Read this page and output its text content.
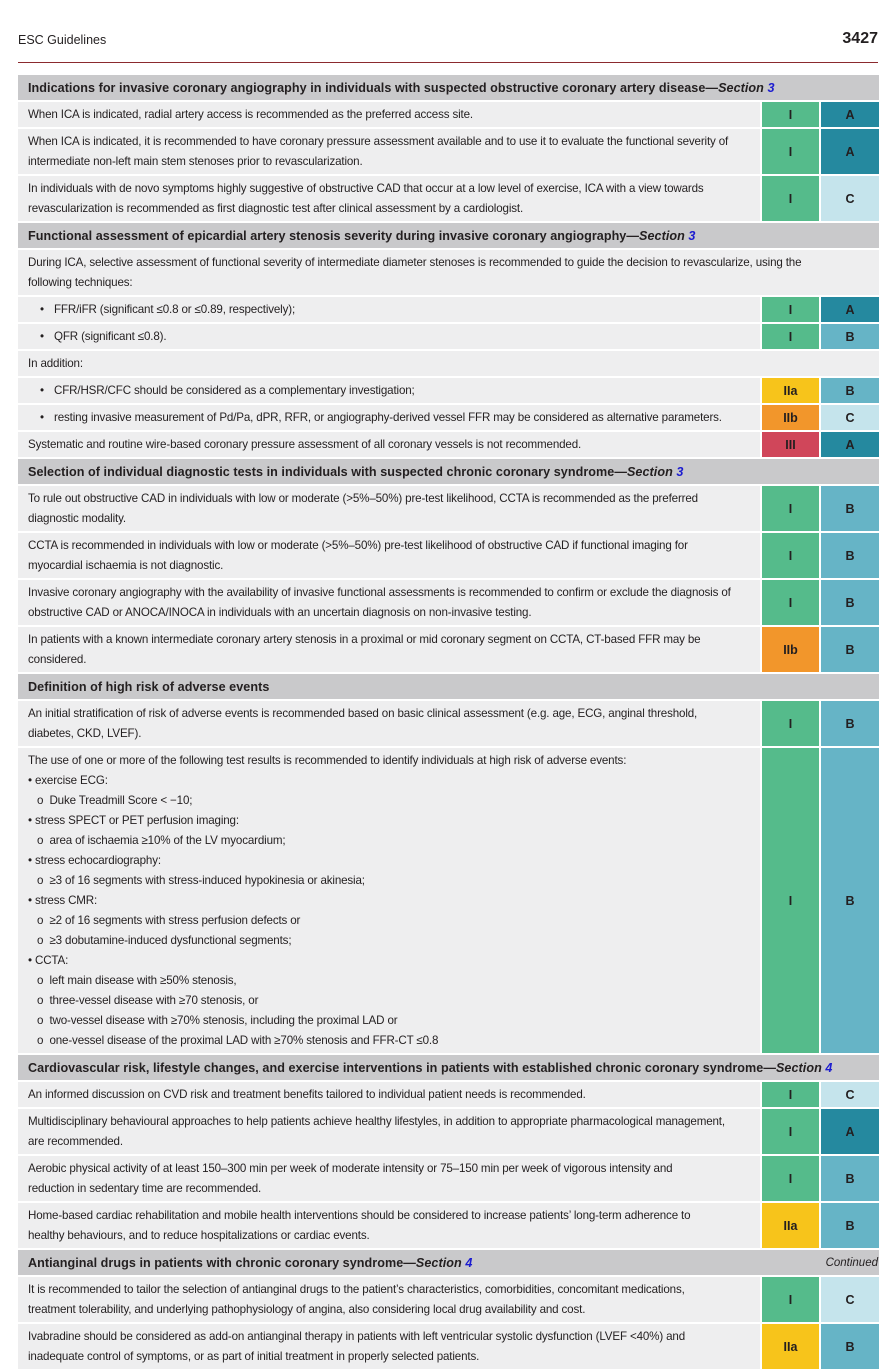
ESC Guidelines	3427
Indications for invasive coronary angiography in individuals with suspected obstructive coronary artery disease—Section 3
When ICA is indicated, radial artery access is recommended as the preferred access site.	I	A
When ICA is indicated, it is recommended to have coronary pressure assessment available and to use it to evaluate the functional severity of
intermediate non-left main stem stenoses prior to revascularization.
I	A
In individuals with de novo symptoms highly suggestive of obstructive CAD that occur at a low level of exercise, ICA with a view towards
revascularization is recommended as first diagnostic test after clinical assessment by a cardiologist.
I	C
Functional assessment of epicardial artery stenosis severity during invasive coronary angiography—Section 3
During ICA, selective assessment of functional severity of intermediate diameter stenoses is recommended to guide the decision to revascularize, using the
following techniques:
• FFR/iFR (significant ≤0.8 or ≤0.89, respectively);	I	A
• QFR (significant ≤0.8).	I	B
In addition:
• CFR/HSR/CFC should be considered as a complementary investigation;	IIa	B
• resting invasive measurement of Pd/Pa, dPR, RFR, or angiography-derived vessel FFR may be considered as alternative parameters.	IIb	C
Systematic and routine wire-based coronary pressure assessment of all coronary vessels is not recommended.	III	A
Selection of individual diagnostic tests in individuals with suspected chronic coronary syndrome—Section 3
To rule out obstructive CAD in individuals with low or moderate (>5%–50%) pre-test likelihood, CCTA is recommended as the preferred
diagnostic modality.
I	B
CCTA is recommended in individuals with low or moderate (>5%–50%) pre-test likelihood of obstructive CAD if functional imaging for
myocardial ischaemia is not diagnostic.
I	B
Invasive coronary angiography with the availability of invasive functional assessments is recommended to confirm or exclude the diagnosis of
obstructive CAD or ANOCA/INOCA in individuals with an uncertain diagnosis on non-invasive testing.
I	B
In patients with a known intermediate coronary artery stenosis in a proximal or mid coronary segment on CCTA, CT-based FFR may be
considered.
IIb	B
Definition of high risk of adverse events
An initial stratification of risk of adverse events is recommended based on basic clinical assessment (e.g. age, ECG, anginal threshold,
diabetes, CKD, LVEF).
I	B
The use of one or more of the following test results is recommended to identify individuals at high risk of adverse events:
• exercise ECG:
o  Duke Treadmill Score < −10;
• stress SPECT or PET perfusion imaging:
o  area of ischaemia ≥10% of the LV myocardium;
• stress echocardiography:
o  ≥3 of 16 segments with stress-induced hypokinesia or akinesia;
• stress CMR:
o  ≥2 of 16 segments with stress perfusion defects or
o  ≥3 dobutamine-induced dysfunctional segments;
• CCTA:
o  left main disease with ≥50% stenosis,
o  three-vessel disease with ≥70 stenosis, or
o  two-vessel disease with ≥70% stenosis, including the proximal LAD or
o  one-vessel disease of the proximal LAD with ≥70% stenosis and FFR-CT ≤0.8
I	B
Cardiovascular risk, lifestyle changes, and exercise interventions in patients with established chronic coronary syndrome—Section 4
An informed discussion on CVD risk and treatment benefits tailored to individual patient needs is recommended.	I	C
Multidisciplinary behavioural approaches to help patients achieve healthy lifestyles, in addition to appropriate pharmacological management,
are recommended.
I	A
Aerobic physical activity of at least 150–300 min per week of moderate intensity or 75–150 min per week of vigorous intensity and
reduction in sedentary time are recommended.
I	B
Home-based cardiac rehabilitation and mobile health interventions should be considered to increase patients’ long-term adherence to
healthy behaviours, and to reduce hospitalizations or cardiac events.
IIa	B
Antianginal drugs in patients with chronic coronary syndrome—Section 4
It is recommended to tailor the selection of antianginal drugs to the patient’s characteristics, comorbidities, concomitant medications,
treatment tolerability, and underlying pathophysiology of angina, also considering local drug availability and cost.
I	C
Ivabradine should be considered as add-on antianginal therapy in patients with left ventricular systolic dysfunction (LVEF <40%) and
inadequate control of symptoms, or as part of initial treatment in properly selected patients.
IIa	B
Continued
